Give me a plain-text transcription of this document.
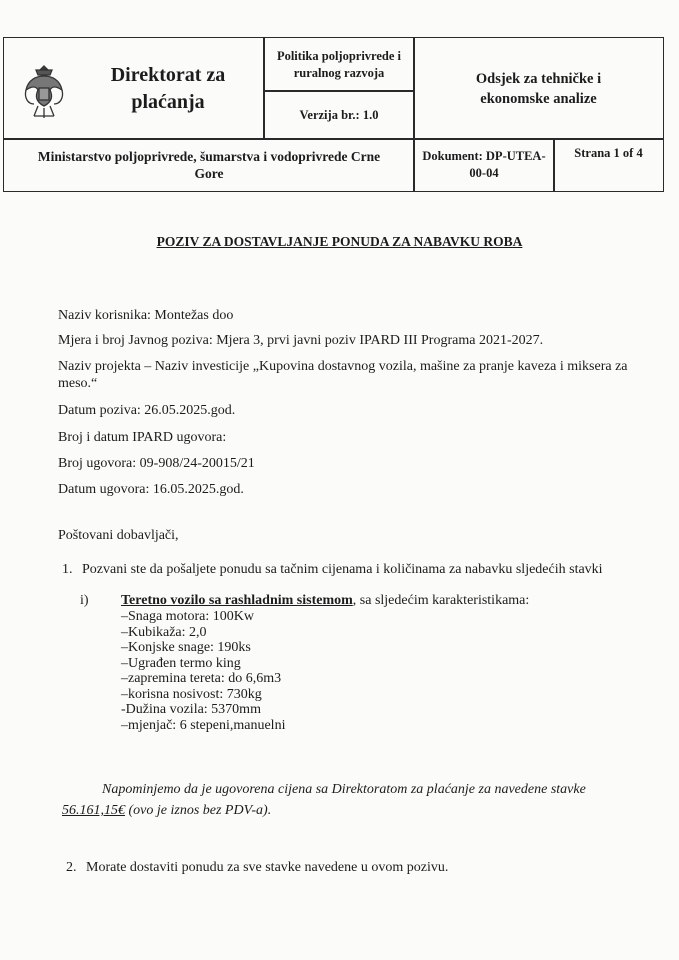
Direktorat za plaćanja
Politika poljoprivrede i ruralnog razvoja
Verzija br.: 1.0
Odsjek za tehničke i ekonomske analize
Ministarstvo poljoprivrede, šumarstva i vodoprivrede Crne Gore
Dokument: DP-UTEA-00-04
Strana 1 of 4
POZIV ZA DOSTAVLJANJE PONUDA ZA NABAVKU ROBA
Naziv korisnika: Montežas doo
Mjera i broj Javnog poziva: Mjera 3, prvi javni poziv IPARD III Programa 2021-2027.
Naziv projekta – Naziv investicije „Kupovina dostavnog vozila, mašine za pranje kaveza i miksera za meso.“
Datum poziva: 26.05.2025.god.
Broj i datum IPARD ugovora:
Broj ugovora: 09-908/24-20015/21
Datum ugovora: 16.05.2025.god.
Poštovani dobavljači,
1. Pozvani ste da pošaljete ponudu sa tačnim cijenama i količinama za nabavku sljedećih stavki
i) Teretno vozilo sa rashladnim sistemom, sa sljedećim karakteristikama:
–Snaga motora: 100Kw
–Kubikaža: 2,0
–Konjske snage: 190ks
–Ugrađen termo king
–zapremina tereta: do 6,6m3
–korisna nosivost: 730kg
-Dužina vozila: 5370mm
–mjenjač: 6 stepeni,manuelni
Napominjemo da je ugovorena cijena sa Direktoratom za plaćanje za navedene stavke
56.161,15€ (ovo je iznos bez PDV-a).
2. Morate dostaviti ponudu za sve stavke navedene u ovom pozivu.
